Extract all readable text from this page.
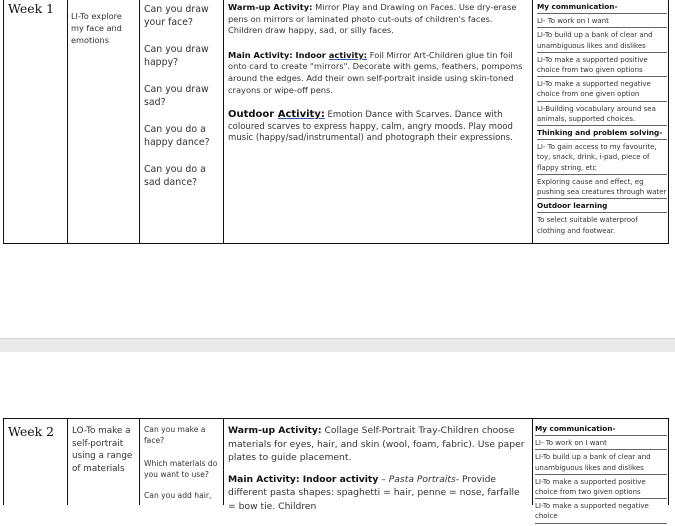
Week 1	LI-To explore my face and emotions

Can you draw your face?

Can you draw happy?

Can you draw sad?

Can you do a happy dance?

Can you do a sad dance?

Warm-up Activity: Mirror Play and Drawing on Faces. Use dry-erase pens on mirrors or laminated photo cut-outs of children's faces. Children draw happy, sad, or silly faces.

Main Activity: Indoor activity: Foil Mirror Art-Children glue tin foil onto card to create "mirrors". Decorate with gems, feathers, pompoms around the edges. Add their own self-portrait inside using skin-toned crayons or wipe-off pens.

Outdoor Activity: Emotion Dance with Scarves. Dance with coloured scarves to express happy, calm, angry moods. Play mood music (happy/sad/instrumental) and photograph their expressions.

My communication-
LI- To work on I want
LI-To build up a bank of clear and unambiguous likes and dislikes
LI-To make a supported positive choice from two given options
LI-To make a supported negative choice from one given option
LI-Building vocabulary around sea animals, supported choices.
Thinking and problem solving-
LI- To gain access to my favourite, toy, snack, drink, i-pad, piece of flappy string, etc
Exploring cause and effect, eg pushing sea creatures through water
Outdoor learning
To select suitable waterproof clothing and footwear.
Week 2	LO-To make a self-portrait using a range of materials

Can you make a face?

Which materials do you want to use?

Can you add hair,

Warm-up Activity: Collage Self-Portrait Tray-Children choose materials for eyes, hair, and skin (wool, foam, fabric). Use paper plates to guide placement.

Main Activity: Indoor activity – Pasta Portraits- Provide different pasta shapes: spaghetti = hair, penne = nose, farfalle = bow tie. Children

My communication-
LI- To work on I want
LI-To build up a bank of clear and unambiguous likes and dislikes
LI-To make a supported positive choice from two given options
LI-To make a supported negative choice
